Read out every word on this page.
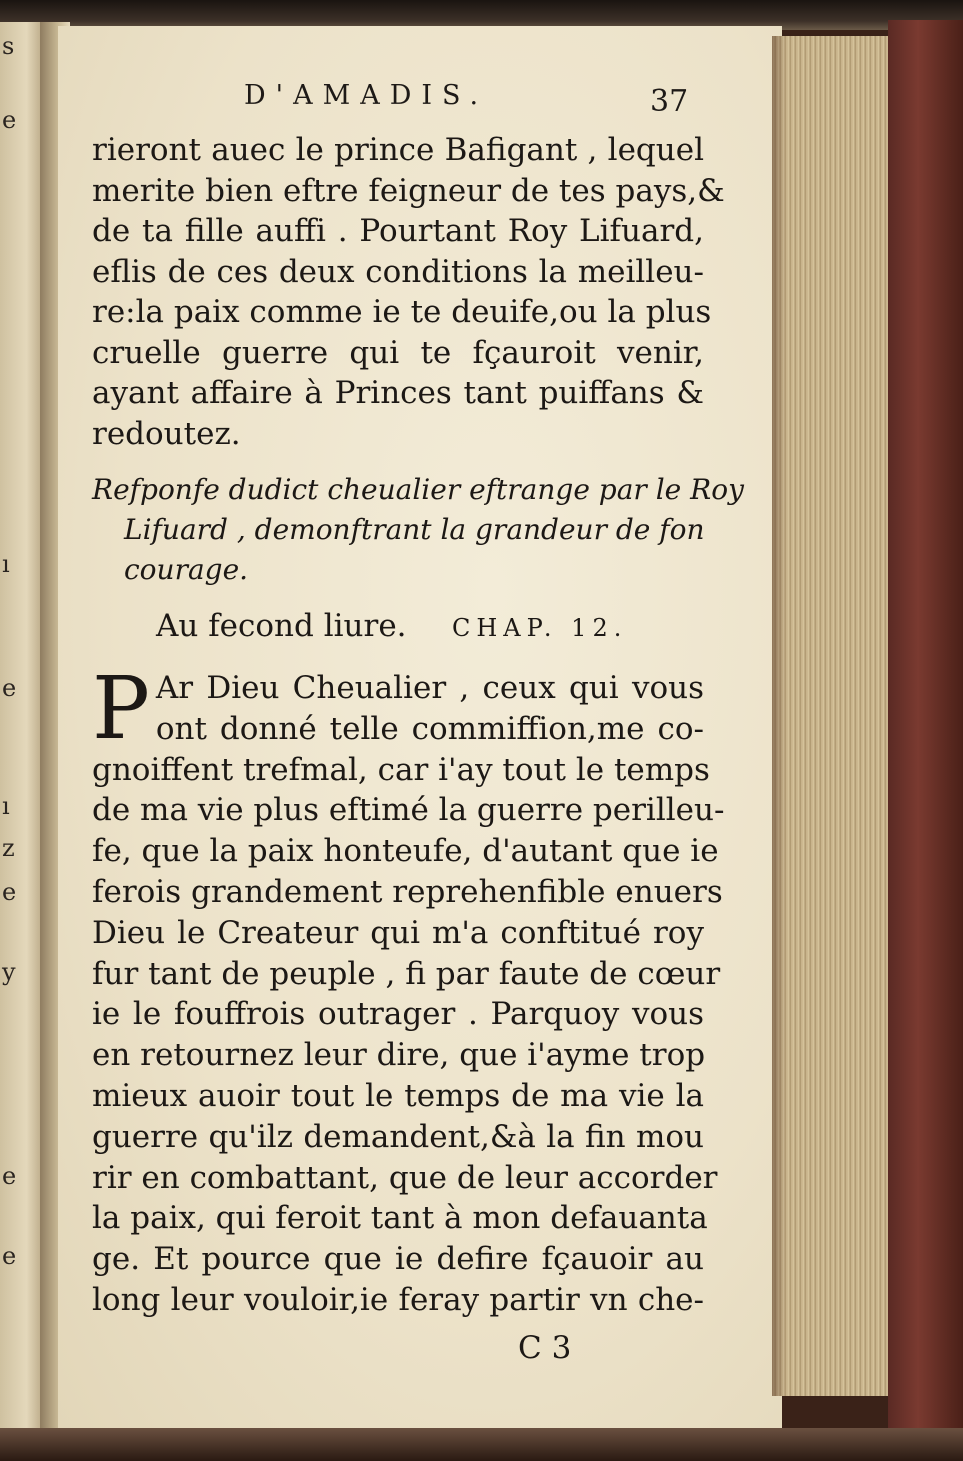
s
e
ı
e
ı
z
e
y
e
e
D'AMADIS.	37
rieront auec le prince Bafigant , lequel
merite bien eftre feigneur de tes pays,&
de ta fille auffi . Pourtant Roy Lifuard,
eflis de ces deux conditions la meilleu-
re:la paix comme ie te deuife,ou la plus
cruelle guerre qui te fçauroit venir,
ayant affaire à Princes tant puiffans &
redoutez.
Refponfe dudict cheualier eftrange par le Roy
Lifuard , demonftrant la grandeur de fon
courage.
Au fecond liure. CHAP. 12.
P Ar Dieu Cheualier , ceux qui vous
ont donné telle commiffion,me co-
gnoiffent trefmal, car i'ay tout le temps
de ma vie plus eftimé la guerre perilleu-
fe, que la paix honteufe, d'autant que ie
ferois grandement reprehenfible enuers
Dieu le Createur qui m'a conftitué roy
fur tant de peuple , fi par faute de cœur
ie le fouffrois outrager . Parquoy vous
en retournez leur dire, que i'ayme trop
mieux auoir tout le temps de ma vie la
guerre qu'ilz demandent,&à la fin mou
rir en combattant, que de leur accorder
la paix, qui feroit tant à mon defauanta
ge. Et pource que ie defire fçauoir au
long leur vouloir,ie feray partir vn che-
C 3
